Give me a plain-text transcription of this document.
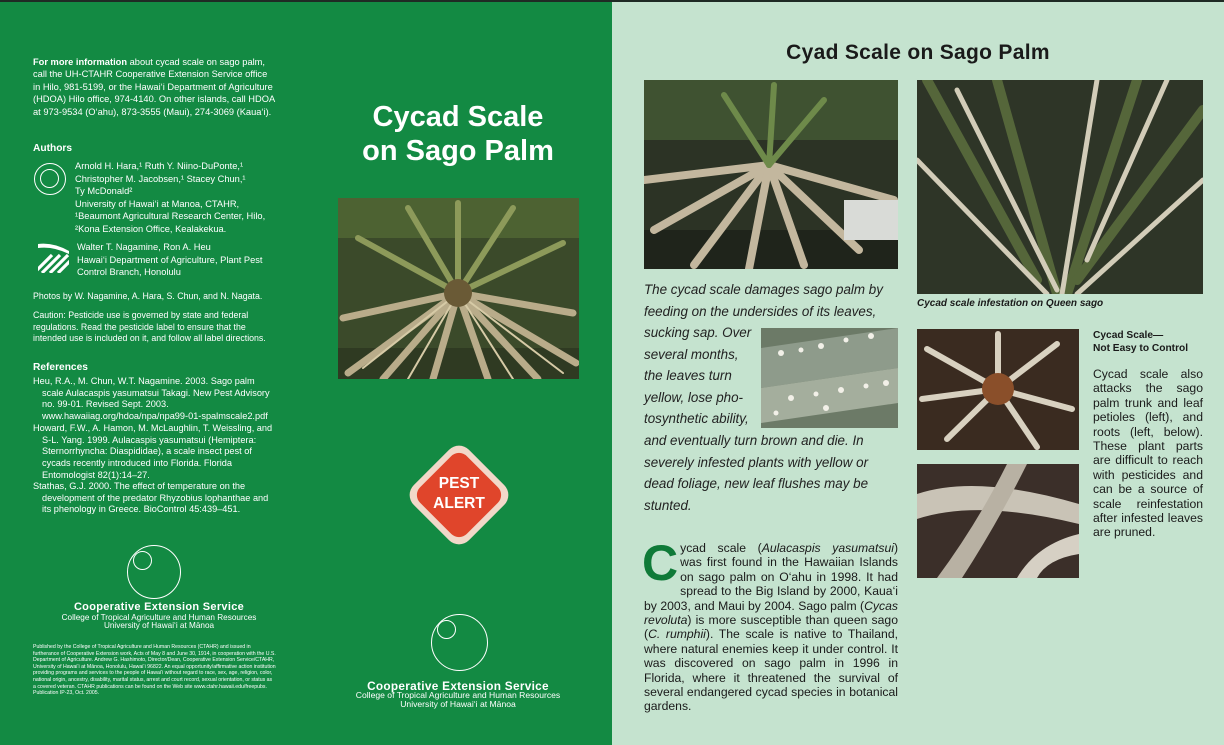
For more information about cycad scale on sago palm, call the UH-CTAHR Cooperative Extension Service office in Hilo, 981-5199, or the Hawai‘i Department of Agriculture (HDOA) Hilo office, 974-4140. On other islands, call HDOA at 973-9534 (O‘ahu), 873-3555 (Maui), 274-3069 (Kaua‘i).
Authors
Arnold H. Hara,¹ Ruth Y. Niino-DuPonte,¹
Christopher M. Jacobsen,¹ Stacey Chun,¹
Ty McDonald²
University of Hawai‘i at Manoa, CTAHR,
¹Beaumont Agricultural Research Center, Hilo,
²Kona Extension Office, Kealakekua.
Walter T. Nagamine, Ron A. Heu
Hawai‘i Department of Agriculture, Plant Pest
Control Branch, Honolulu
Photos by W. Nagamine, A. Hara, S. Chun, and N. Nagata.
Caution: Pesticide use is governed by state and federal regulations. Read the pesticide label to ensure that the intended use is included on it, and follow all label directions.
References
Heu, R.A., M. Chun, W.T. Nagamine. 2003. Sago palm scale Aulacaspis yasumatsui Takagi. New Pest Advisory no. 99-01. Revised Sept. 2003. www.hawaiiag.org/hdoa/npa/npa99-01-spalmscale2.pdf
Howard, F.W., A. Hamon, M. McLaughlin, T. Weissling, and S-L. Yang. 1999. Aulacaspis yasumatsui (Hemiptera: Sternorrhyncha: Diaspididae), a scale insect pest of cycads recently introduced into Florida. Florida Entomologist 82(1):14–27.
Stathas, G.J. 2000. The effect of temperature on the development of the predator Rhyzobius lophanthae and its phenology in Greece. BioControl 45:439–451.
Cooperative Extension Service
College of Tropical Agriculture and Human Resources
University of Hawai‘i at Mānoa
Published by the College of Tropical Agriculture and Human Resources (CTAHR) and issued in furtherance of Cooperative Extension work, Acts of May 8 and June 30, 1914, in cooperation with the U.S. Department of Agriculture. Andrew G. Hashimoto, Director/Dean, Cooperative Extension Service/CTAHR, University of Hawai‘i at Mānoa, Honolulu, Hawai‘i 96822. An equal opportunity/affirmative action institution providing programs and services to the people of Hawai‘i without regard to race, sex, age, religion, color, national origin, ancestry, disability, marital status, arrest and court record, sexual orientation, or status as a covered veteran. CTAHR publications can be found on the Web site www.ctahr.hawaii.edu/freepubs. Publication IP-23, Oct. 2005.
Cycad Scale
on Sago Palm
PEST
ALERT
Cooperative Extension Service
College of Tropical Agriculture and Human Resources
University of Hawai‘i at Mānoa
Cyad Scale on Sago Palm
Cycad scale infestation on Queen sago
The cycad scale damages sago palm by feeding on the undersides of its leaves,
sucking sap. Over
several months,
the leaves turn
yellow, lose pho-
tosynthetic ability,
and eventually turn brown and die. In severely infested plants with yellow or dead foliage, new leaf flushes may be stunted.
Cycad Scale—
Not Easy to Control
Cycad scale also attacks the sago palm trunk and leaf petioles (left), and roots (left, below). These plant parts are difficult to reach with pesticides and can be a source of scale reinfestation after infested leaves are pruned.
Cycad scale (Aulacaspis yasumatsui) was first found in the Hawaiian Islands on sago palm on O‘ahu in 1998. It had spread to the Big Island by 2000, Kaua‘i by 2003, and Maui by 2004. Sago palm (Cycas revoluta) is more susceptible than queen sago (C. rumphii). The scale is native to Thailand, where natural enemies keep it under control. It was discovered on sago palm in 1996 in Florida, where it threatened the survival of several endangered cycad species in botanical gardens.
